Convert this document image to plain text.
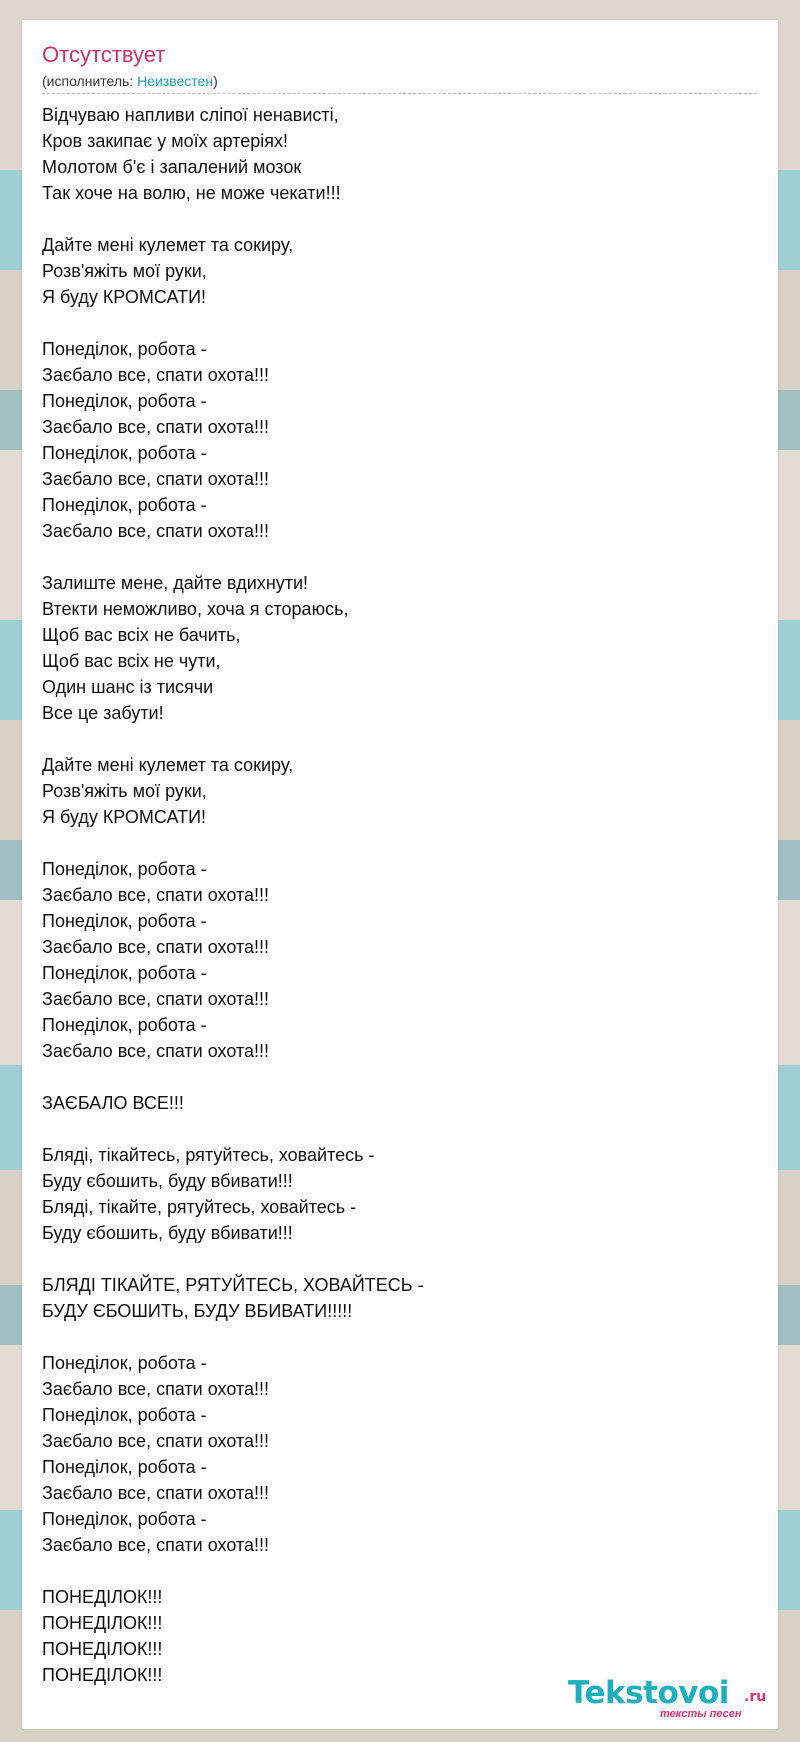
Отсутствует
(исполнитель: Неизвестен)
Відчуваю напливи сліпої ненависті,
Кров закипає у моїх артеріях!
Молотом б'є і запалений мозок
Так хоче на волю, не може чекати!!!
Дайте мені кулемет та сокиру,
Розв'яжіть мої руки,
Я буду КРОМСАТИ!
Понеділок, робота -
Заєбало все, спати охота!!!
Понеділок, робота -
Заєбало все, спати охота!!!
Понеділок, робота -
Заєбало все, спати охота!!!
Понеділок, робота -
Заєбало все, спати охота!!!
Залиште мене, дайте вдихнути!
Втекти неможливо, хоча я стораюсь,
Щоб вас всіх не бачить,
Щоб вас всіх не чути,
Один шанс із тисячи
Все це забути!
Дайте мені кулемет та сокиру,
Розв'яжіть мої руки,
Я буду КРОМСАТИ!
Понеділок, робота -
Заєбало все, спати охота!!!
Понеділок, робота -
Заєбало все, спати охота!!!
Понеділок, робота -
Заєбало все, спати охота!!!
Понеділок, робота -
Заєбало все, спати охота!!!
ЗАЄБАЛО ВСЕ!!!
Бляді, тікайтесь, рятуйтесь, ховайтесь -
Буду єбошить, буду вбивати!!!
Бляді, тікайте, рятуйтесь, ховайтесь -
Буду єбошить, буду вбивати!!!
БЛЯДІ ТІКАЙТЕ, РЯТУЙТЕСЬ, ХОВАЙТЕСЬ -
БУДУ ЄБОШИТЬ, БУДУ ВБИВАТИ!!!!!
Понеділок, робота -
Заєбало все, спати охота!!!
Понеділок, робота -
Заєбало все, спати охота!!!
Понеділок, робота -
Заєбало все, спати охота!!!
Понеділок, робота -
Заєбало все, спати охота!!!
ПОНЕДІЛОК!!!
ПОНЕДІЛОК!!!
ПОНЕДІЛОК!!!
ПОНЕДІЛОК!!!	Tekstovoi .ru
тексты песен
